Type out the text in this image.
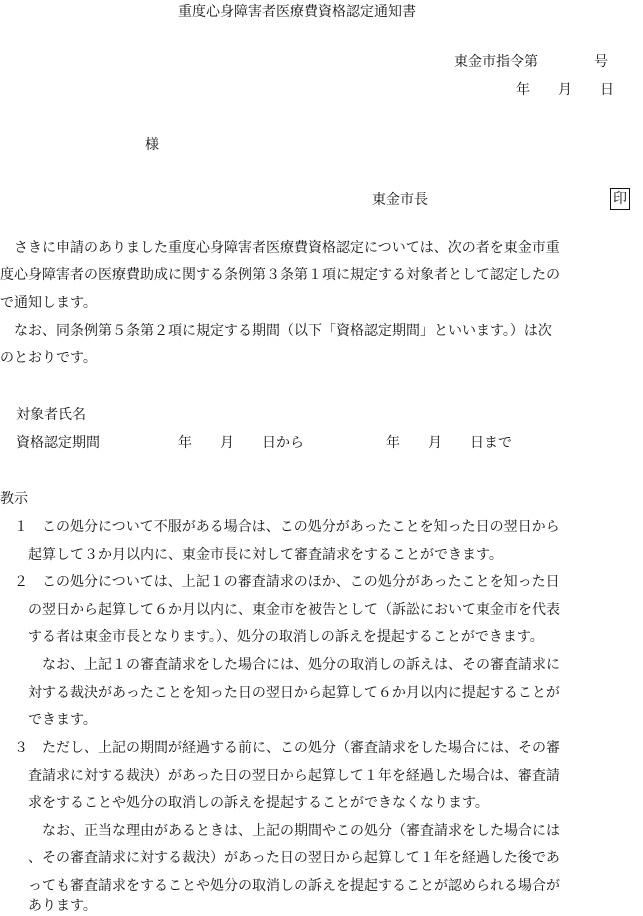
重度心身障害者医療費資格認定通知書
東金市指令第　　　　号
年　　月　　日
様
東金市長	印
　さきに申請のありました重度心身障害者医療費資格認定については、次の者を東金市重
度心身障害者の医療費助成に関する条例第３条第１項に規定する対象者として認定したの
で通知します。
　なお、同条例第５条第２項に規定する期間（以下「資格認定期間」といいます。）は次
のとおりです。
対象者氏名
資格認定期間	年　　月　　日から	年　　月　　日まで
教示
　１　この処分について不服がある場合は、この処分があったことを知った日の翌日から
　　起算して３か月以内に、東金市長に対して審査請求をすることができます。
　２　この処分については、上記１の審査請求のほか、この処分があったことを知った日
　　の翌日から起算して６か月以内に、東金市を被告として（訴訟において東金市を代表
　　する者は東金市長となります。）、処分の取消しの訴えを提起することができます。
　　　なお、上記１の審査請求をした場合には、処分の取消しの訴えは、その審査請求に
　　対する裁決があったことを知った日の翌日から起算して６か月以内に提起することが
　　できます。
　３　ただし、上記の期間が経過する前に、この処分（審査請求をした場合には、その審
　　査請求に対する裁決）があった日の翌日から起算して１年を経過した場合は、審査請
　　求をすることや処分の取消しの訴えを提起することができなくなります。
　　　なお、正当な理由があるときは、上記の期間やこの処分（審査請求をした場合には
　　、その審査請求に対する裁決）があった日の翌日から起算して１年を経過した後であ
　　っても審査請求をすることや処分の取消しの訴えを提起することが認められる場合が
　　あります。
